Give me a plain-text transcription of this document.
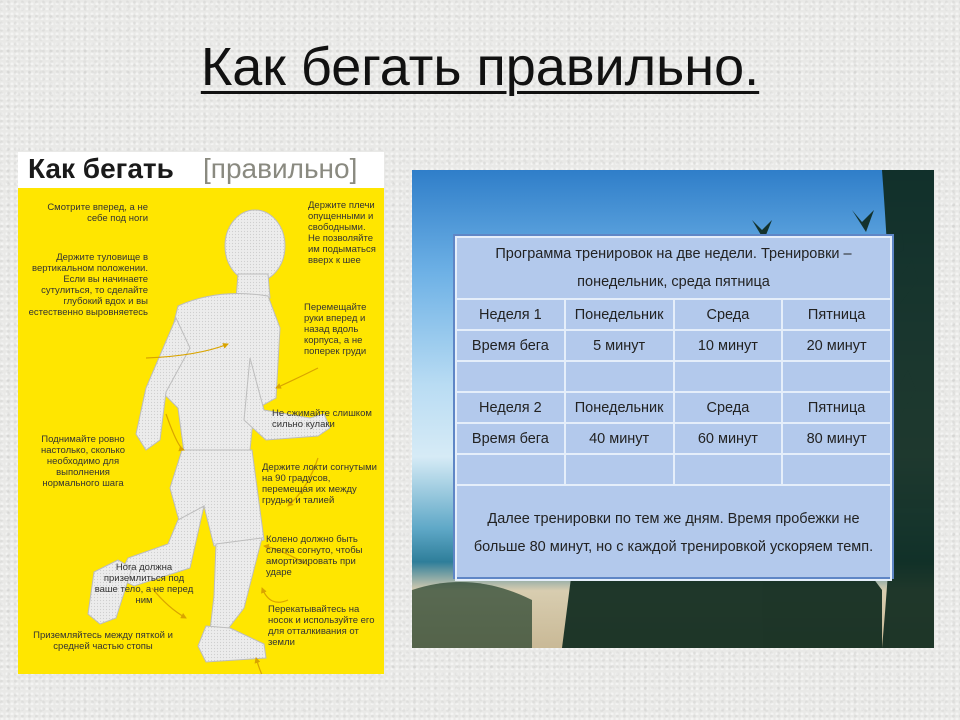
Как бегать правильно.
Как бегать [правильно]
Смотрите вперед, а не себе под ноги
Держите туловище в вертикальном положении. Если вы начинаете сутулиться, то сделайте глубокий вдох и вы естественно выровняетесь
Поднимайте ровно настолько, сколько необходимо для выполнения нормального шага
Нога должна приземлиться под ваше тело, а не перед ним
Приземляйтесь между пяткой и средней частью стопы
Держите плечи опущенными и свободными. Не позволяйте им подыматься вверх к шее
Перемещайте руки вперед и назад вдоль корпуса, а не поперек груди
Не сжимайте слишком сильно кулаки
Держите локти согнутыми на 90 градусов, перемещая их между грудью и талией
Колено должно быть слегка согнуто, чтобы амортизировать при ударе
Перекатывайтесь на носок и используйте его для отталкивания от земли
Программа тренировок на две недели. Тренировки – понедельник, среда пятница			
Неделя 1	Понедельник	Среда	Пятница
Время бега	5 минут	10 минут	20 минут

Неделя 2	Понедельник	Среда	Пятница
Время бега	40 минут	60 минут	80 минут

Далее тренировки по тем же дням. Время пробежки не больше 80 минут, но с каждой тренировкой ускоряем темп.			
